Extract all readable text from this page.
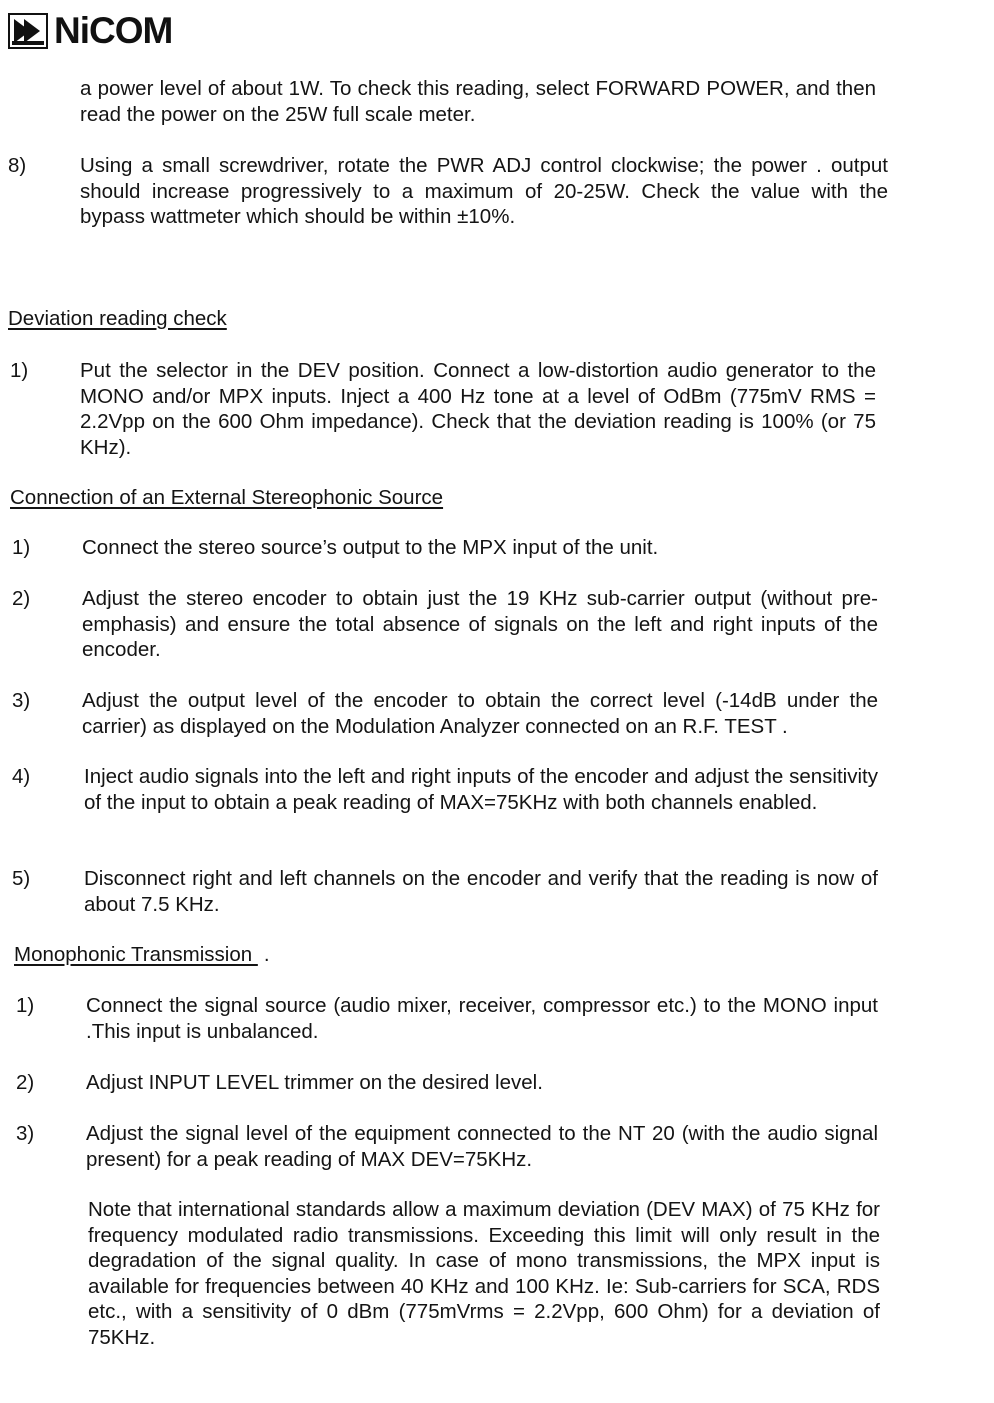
NiCOM
a power level of about 1W. To check this reading, select FORWARD POWER, and then read the power on the 25W full scale meter.
8)	Using a small screwdriver, rotate the PWR ADJ control clockwise; the power . output should increase progressively to a maximum of 20-25W. Check the value with the bypass wattmeter which should be within ±10%.
Deviation reading check
1)	Put the selector in the DEV position. Connect a low-distortion audio generator to the MONO and/or MPX inputs. Inject a 400 Hz tone at a level of OdBm (775mV RMS = 2.2Vpp on the 600 Ohm impedance). Check that the deviation reading is 100% (or 75 KHz).
Connection of an External Stereophonic Source
1)	Connect the stereo source’s output to the MPX input of the unit.
2)	Adjust the stereo encoder to obtain just the 19 KHz sub-carrier output (without pre-emphasis) and ensure the total absence of signals on the left and right inputs of the encoder.
3)	Adjust the output level of the encoder to obtain the correct level (-14dB under the carrier) as displayed on the Modulation Analyzer connected on an R.F. TEST .
4)	Inject audio signals into the left and right inputs of the encoder and adjust the sensitivity of the input to obtain a peak reading of MAX=75KHz with both channels enabled.
5)	Disconnect right and left channels on the encoder and verify that the reading is now of about 7.5 KHz.
Monophonic Transmission .
1)	Connect the signal source (audio mixer, receiver, compressor etc.) to the MONO input .This input is unbalanced.
2)	Adjust INPUT LEVEL trimmer on the desired level.
3)	Adjust the signal level of the equipment connected to the NT 20 (with the audio signal present) for a peak reading of MAX DEV=75KHz.
Note that international standards allow a maximum deviation (DEV MAX) of 75 KHz for frequency modulated radio transmissions. Exceeding this limit will only result in the degradation of the signal quality. In case of mono transmissions, the MPX input is available for frequencies between 40 KHz and 100 KHz. Ie: Sub-carriers for SCA, RDS etc., with a sensitivity of 0 dBm (775mVrms = 2.2Vpp, 600 Ohm) for a deviation of 75KHz.
